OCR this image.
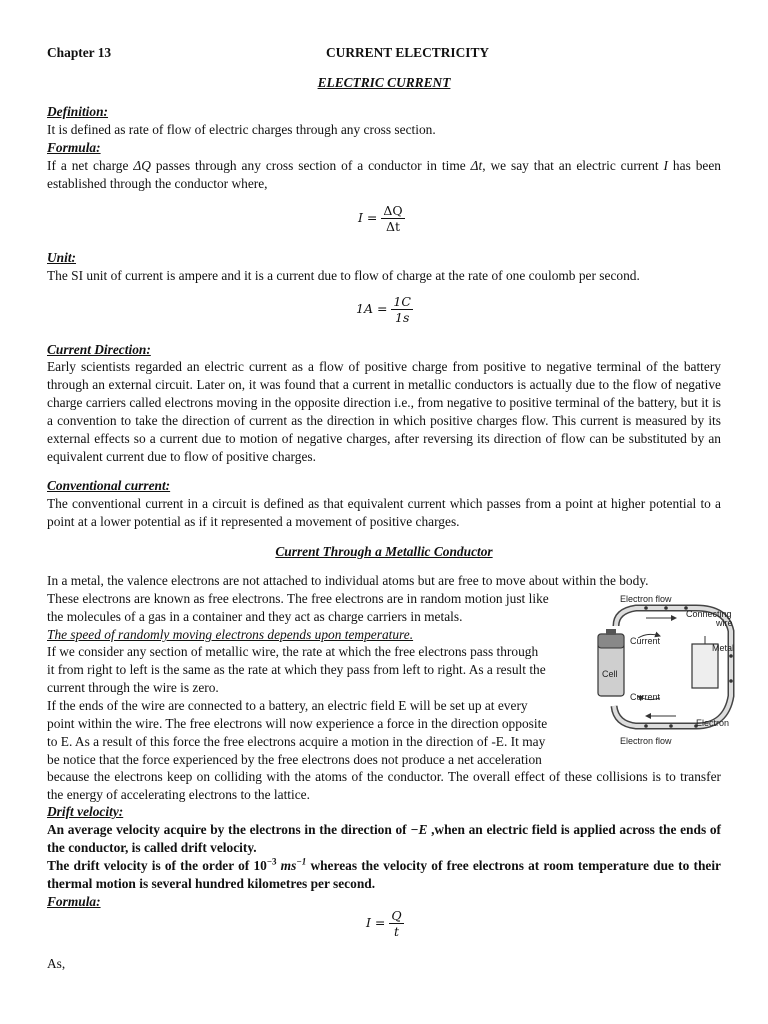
Chapter 13	CURRENT ELECTRICITY
ELECTRIC CURRENT
Definition:
It is defined as rate of flow of electric charges through any cross section.
Formula:
If a net charge ΔQ passes through any cross section of a conductor in time Δt, we say that an electric current I has been established through the conductor where,
$I = \frac{\Delta Q}{\Delta t}$
Unit:
The SI unit of current is ampere and it is a current due to flow of charge at the rate of one coulomb per second.
$1A = \frac{1C}{1s}$
Current Direction:
Early scientists regarded an electric current as a flow of positive charge from positive to negative terminal of the battery through an external circuit. Later on, it was found that a current in metallic conductors is actually due to the flow of negative charge carriers called electrons moving in the opposite direction i.e., from negative to positive terminal of the battery, but it is a convention to take the direction of current as the direction in which positive charges flow. This current is measured by its external effects so a current due to motion of negative charges, after reversing its direction of flow can be substituted by an equivalent current due to flow of positive charges.
Conventional current:
The conventional current in a circuit is defined as that equivalent current which passes from a point at higher potential to a point at a lower potential as if it represented a movement of positive charges.
Current Through a Metallic Conductor
In a metal, the valence electrons are not attached to individual atoms but are free to move about within the body.
These electrons are known as free electrons. The free electrons are in random motion just like
the molecules of a gas in a container and they act as charge carriers in metals.
The speed of randomly moving electrons depends upon temperature.
If we consider any section of metallic wire, the rate at which the free electrons pass through
it from right to left is the same as the rate at which they pass from left to right. As a result the
current through the wire is zero.
If the ends of the wire are connected to a battery, an electric field E will be set up at every
point within the wire. The free electrons will now experience a force in the direction opposite
to E. As a result of this force the free electrons acquire a motion in the direction of -E. It may
be notice that the force experienced by the free electrons does not produce a net acceleration
because the electrons keep on colliding with the atoms of the conductor. The overall effect of these collisions is to transfer the energy of accelerating electrons to the lattice.
Cell
Electron flow
Connecting
wire
Current
Metal
Current
Electron
Electron flow
Drift velocity:
An average velocity acquire by the electrons in the direction of −E ,when an electric field is applied across the ends of the conductor, is called drift velocity.
The drift velocity is of the order of $10^{-3}$ $ms^{-1}$ whereas the velocity of free electrons at room temperature due to their thermal motion is several hundred kilometres per second.
Formula:
$I = \frac{Q}{t}$
As,
